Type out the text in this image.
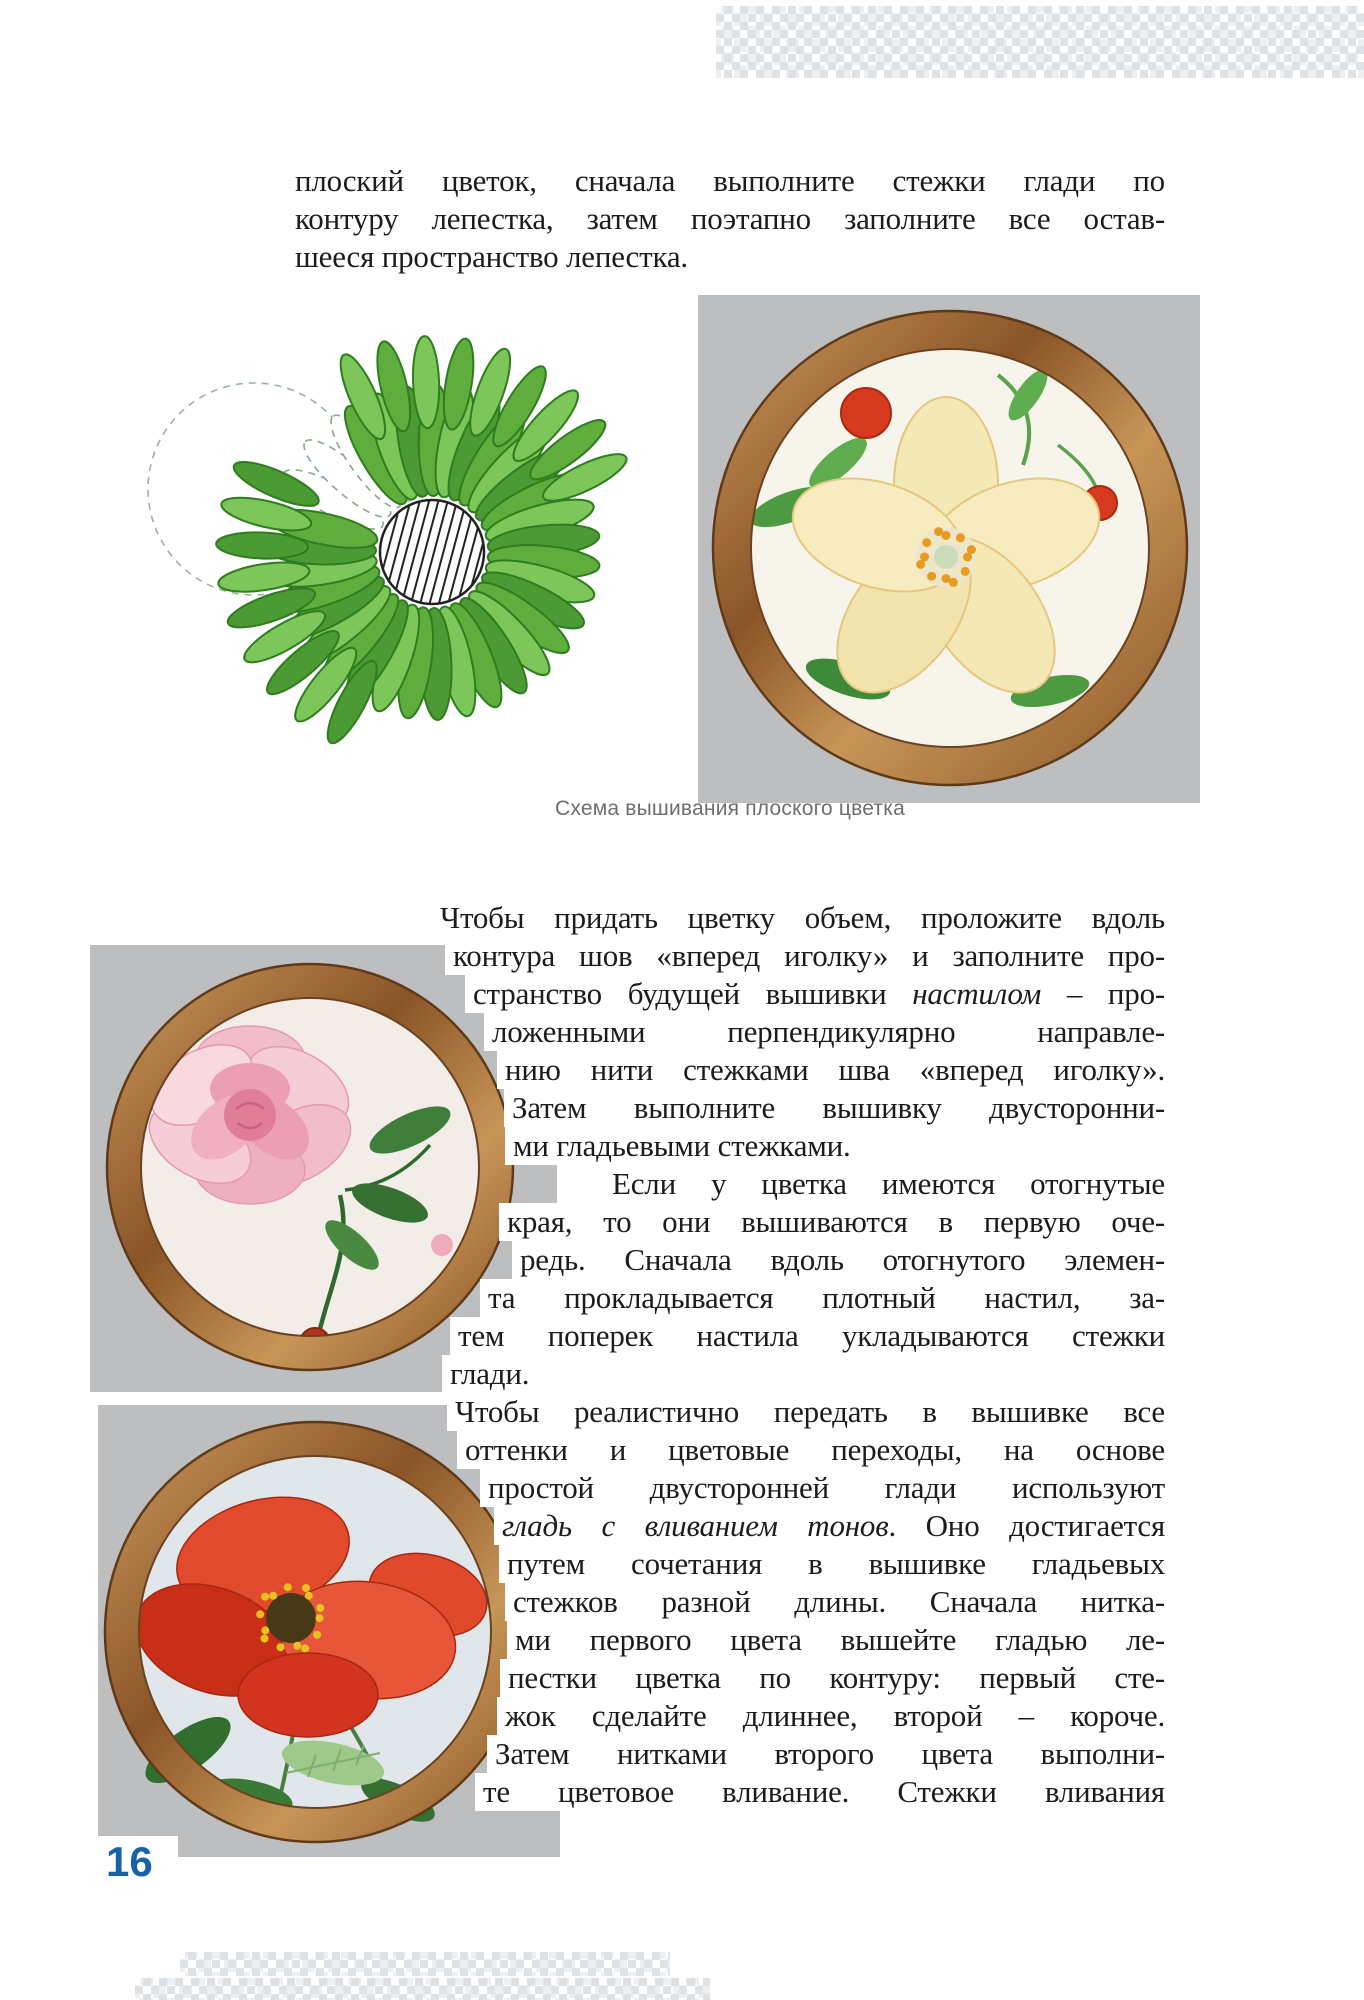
плоский цветок, сначала выполните стежки глади по
контуру лепестка, затем поэтапно заполните все остав-
шееся пространство лепестка.
Схема вышивания плоского цветка
Чтобы придать цветку объем, проложите вдоль
контура шов «вперед иголку» и заполните про-
странство будущей вышивки настилом – про-
ложенными перпендикулярно направле-
нию нити стежками шва «вперед иголку».
Затем выполните вышивку двусторонни-
ми гладьевыми стежками.
Если у цветка имеются отогнутые
края, то они вышиваются в первую оче-
редь. Сначала вдоль отогнутого элемен-
та прокладывается плотный настил, за-
тем поперек настила укладываются стежки
глади.
Чтобы реалистично передать в вышивке все
оттенки и цветовые переходы, на основе
простой двусторонней глади используют
гладь с вливанием тонов. Оно достигается
путем сочетания в вышивке гладьевых
стежков разной длины. Сначала нитка-
ми первого цвета вышейте гладью ле-
пестки цветка по контуру: первый сте-
жок сделайте длиннее, второй – короче.
Затем нитками второго цвета выполни-
те цветовое вливание. Стежки вливания
16
